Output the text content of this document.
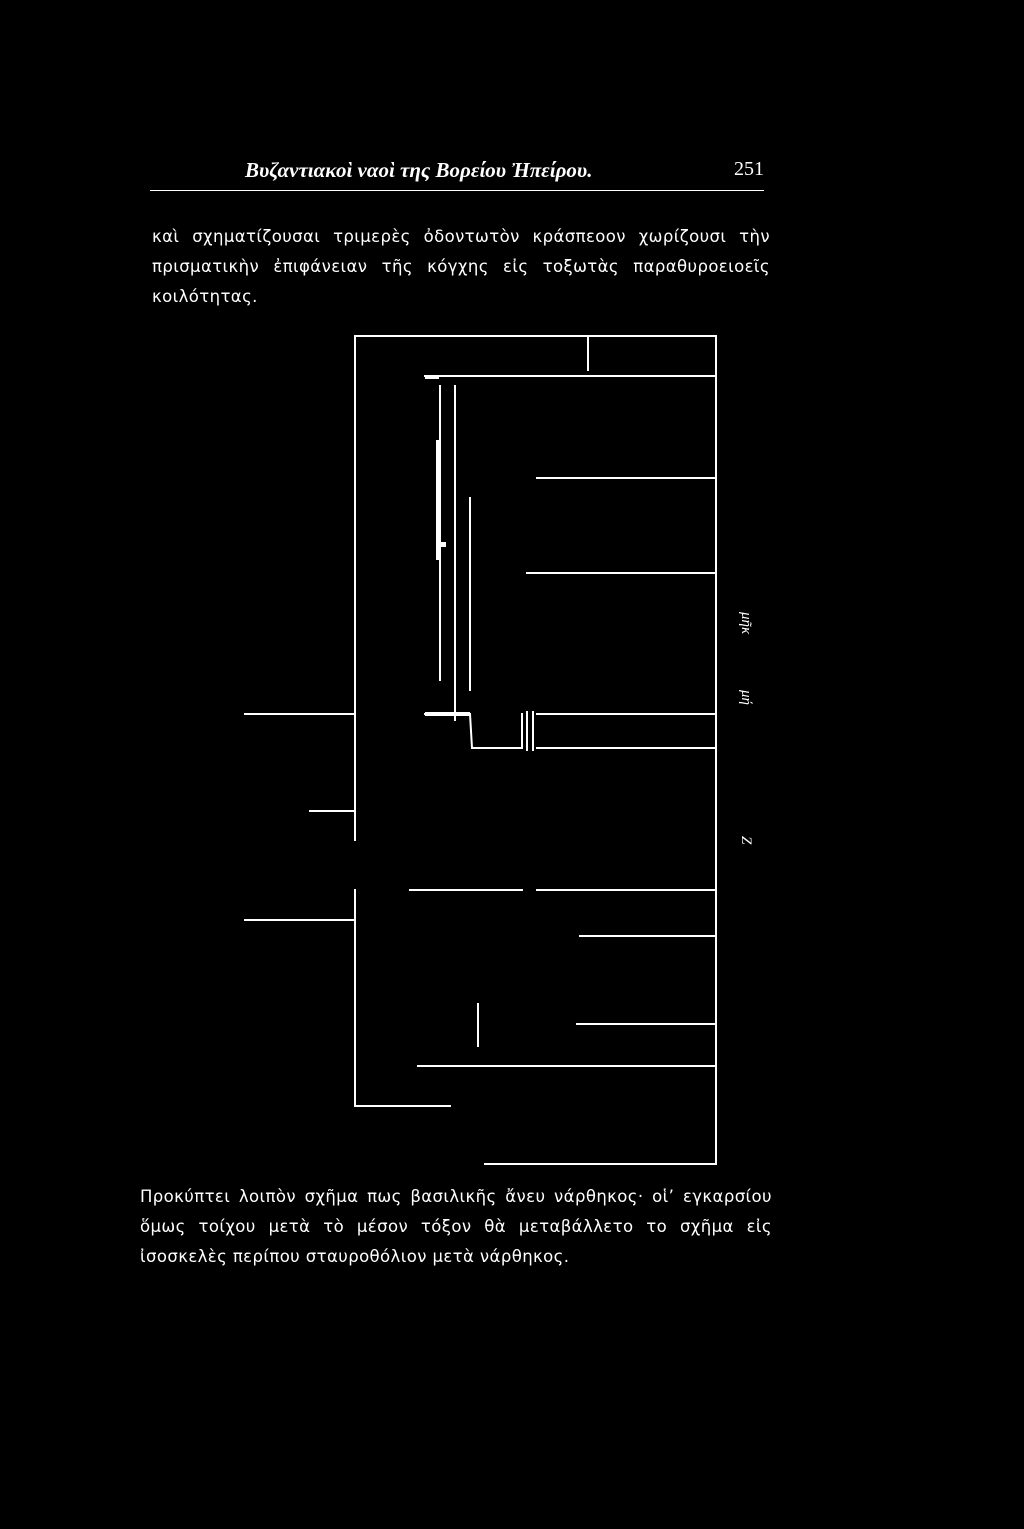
Βυζαντιακοὶ ναοὶ της Βορείου Ἠπείρου.	251

καὶ σχηματίζουσαι τριμερὲς ὀδοντωτὸν κράσπεοον χωρίζουσι τὴν πρισματικὴν ἐπιφάνειαν τῆς κόγχης εἰς τοξωτὰς παραθυροειοεῖς κοιλότητας.

μῆκ
μή
Ζ

Προκύπτει λοιπὸν σχῆμα πως βασιλικῆς ἄνευ νάρθηκος· οἱ’ εγκαρσίου ὅμως τοίχου μετὰ τὸ μέσον τόξον θὰ μεταβάλλετο το σχῆμα εἰς ἰσοσκελὲς περίπου σταυροθόλιον μετὰ νάρθηκος.
